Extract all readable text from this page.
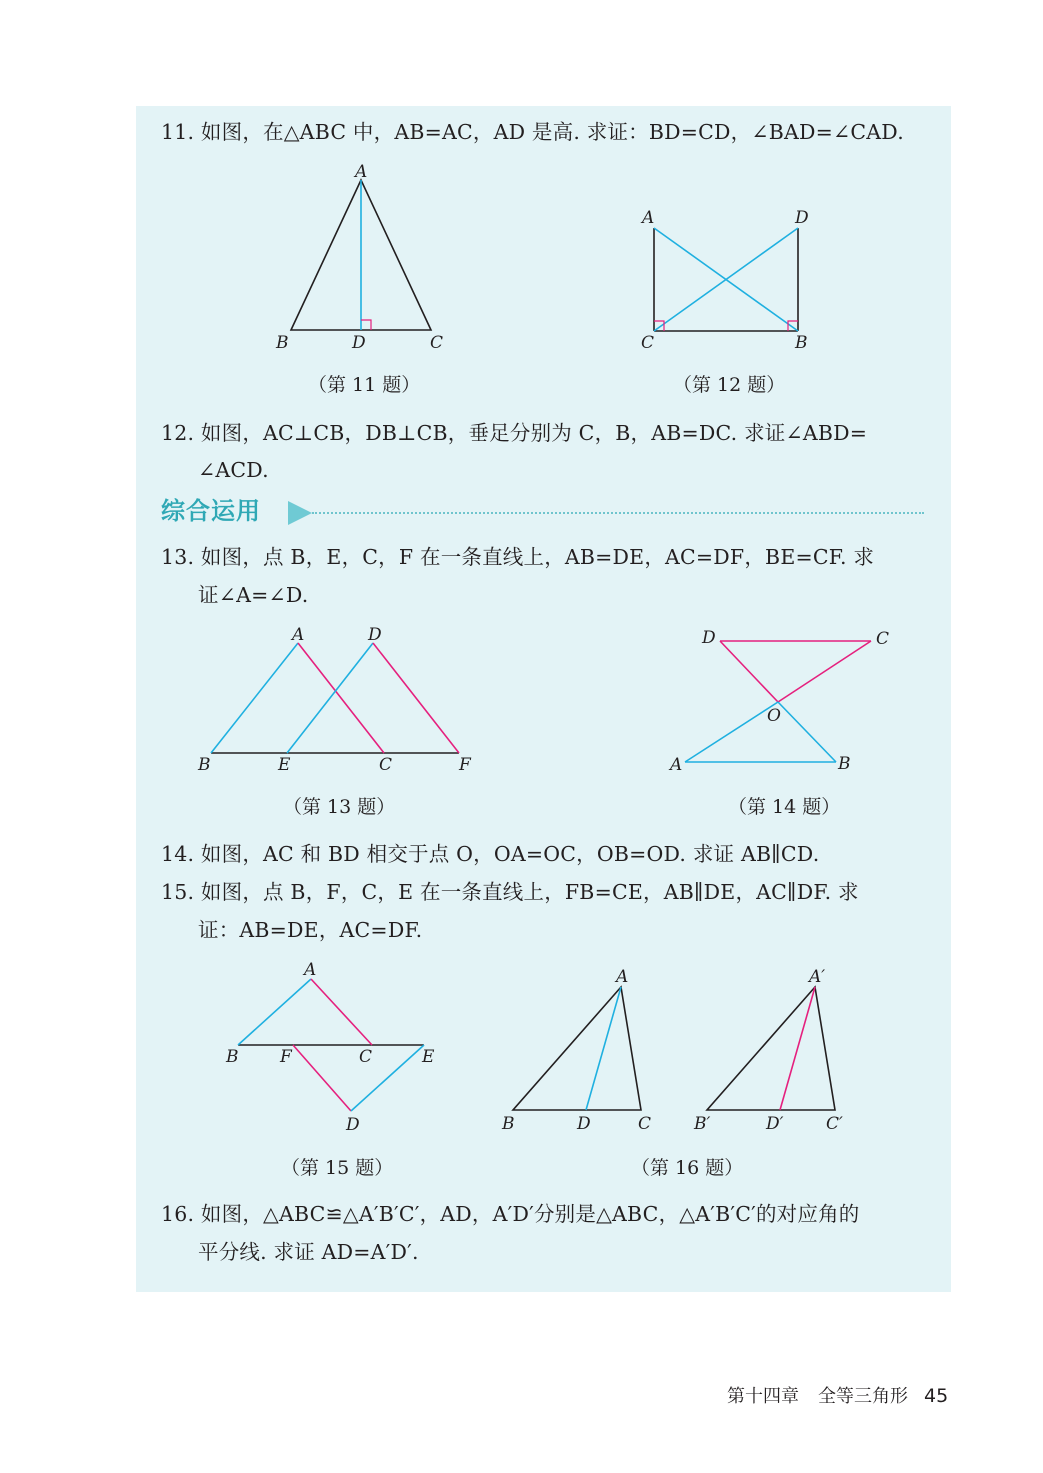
11. 如图，在△ABC 中，AB=AC，AD 是高. 求证：BD=CD，∠BAD=∠CAD.
A
B	D	C
A	D
C	B
A	D
B	E	C	F
D	C
O
A	B
A
B F	C	E
D
A
B	D	C
A′
B′	D′	C′
（第 11 题）	（第 12 题）
12. 如图，AC⊥CB，DB⊥CB，垂足分别为 C，B，AB=DC. 求证∠ABD=
∠ACD.
综合运用
13. 如图，点 B，E，C，F 在一条直线上，AB=DE，AC=DF，BE=CF. 求
证∠A=∠D.
（第 13 题）	（第 14 题）
14. 如图，AC 和 BD 相交于点 O，OA=OC，OB=OD. 求证 AB∥CD.
15. 如图，点 B，F，C，E 在一条直线上，FB=CE，AB∥DE，AC∥DF. 求
证：AB=DE，AC=DF.
（第 15 题）	（第 16 题）
16. 如图，△ABC≌△A′B′C′，AD，A′D′分别是△ABC，△A′B′C′的对应角的
平分线. 求证 AD=A′D′.
第十四章 全等三角形 45
